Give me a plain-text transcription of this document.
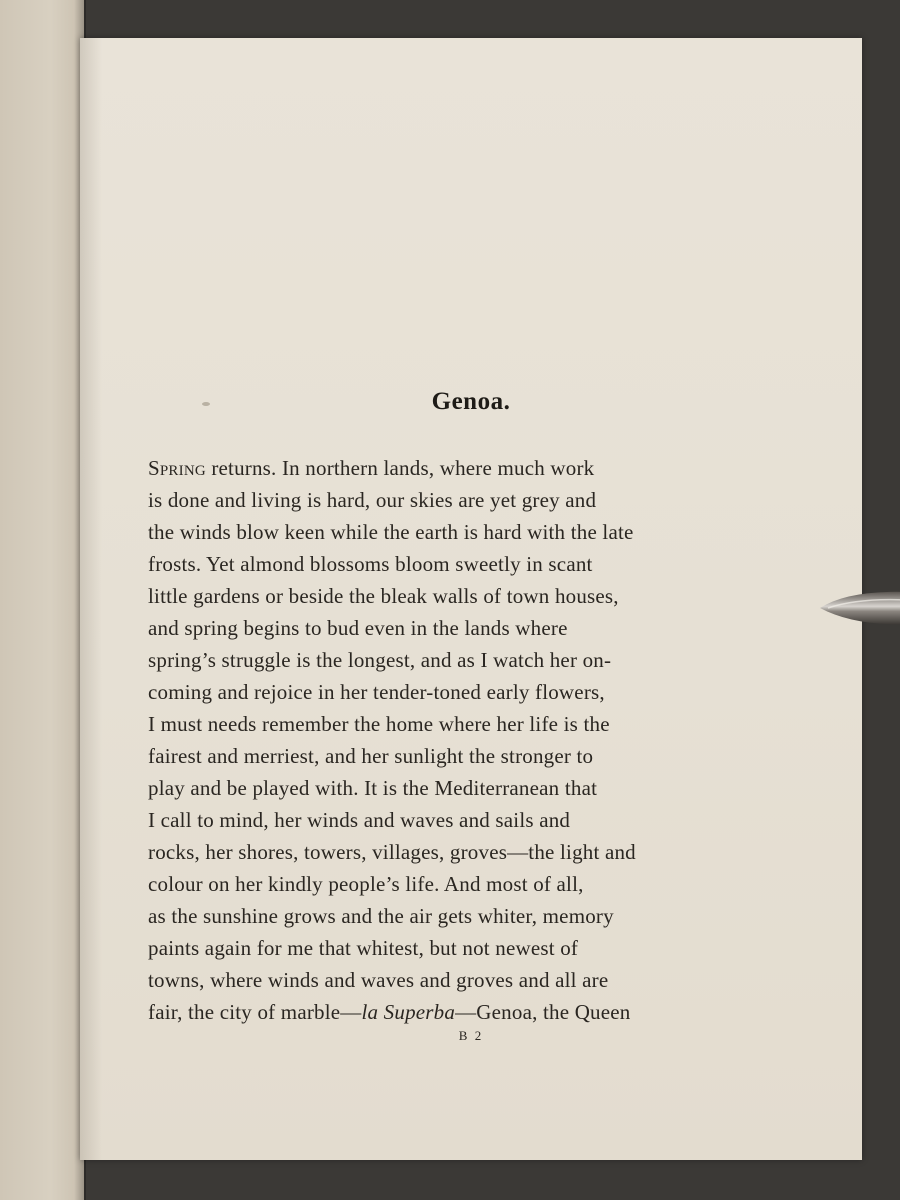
Genoa.
Spring returns. In northern lands, where much work
is done and living is hard, our skies are yet grey and
the winds blow keen while the earth is hard with the late
frosts. Yet almond blossoms bloom sweetly in scant
little gardens or beside the bleak walls of town houses,
and spring begins to bud even in the lands where
spring’s struggle is the longest, and as I watch her on-
coming and rejoice in her tender-toned early flowers,
I must needs remember the home where her life is the
fairest and merriest, and her sunlight the stronger to
play and be played with. It is the Mediterranean that
I call to mind, her winds and waves and sails and
rocks, her shores, towers, villages, groves—the light and
colour on her kindly people’s life. And most of all,
as the sunshine grows and the air gets whiter, memory
paints again for me that whitest, but not newest of
towns, where winds and waves and groves and all are
fair, the city of marble—la Superba—Genoa, the Queen
B 2
